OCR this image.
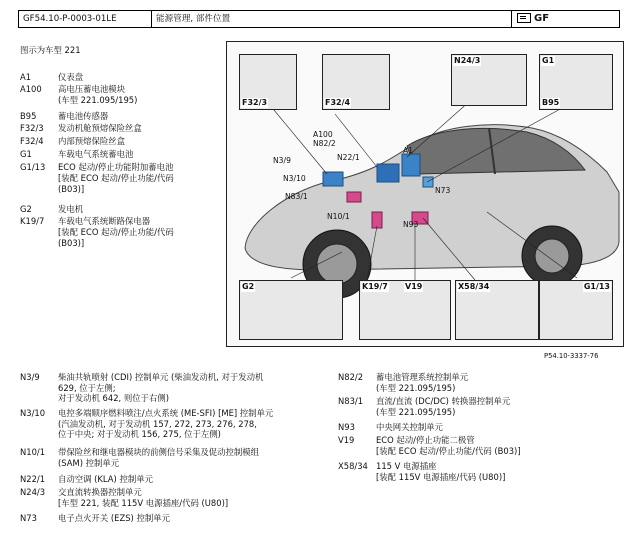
GF54.10-P-0003-01LE	能源管理, 部件位置	GF
图示为车型 221
A1	仪表盘
A100	高电压蓄电池模块
(车型 221.095/195)
B95	蓄电池传感器
F32/3	发动机舱预熔保险丝盒
F32/4	内部预熔保险丝盒
G1	车载电气系统蓄电池
G1/13	ECO 起动/停止功能附加蓄电池
[装配 ECO 起动/停止功能/代码
(B03)]
G2	发电机
K19/7	车载电气系统断路保电器
[装配 ECO 起动/停止功能/代码
(B03)]
F32/3	F32/4
N24/3	G1
B95
G2	K19/7 V19	X58/34	G1/13
A100
N82/2
N3/9	N22/1
A1
N3/10
N73
N83/1
N10/1
N93
P54.10-3337-76
N3/9	柴油共轨喷射 (CDI) 控制单元 (柴油发动机, 对于发动机
629, 位于左侧;
对于发动机 642, 则位于右侧)
N3/10	电控多端顺序燃料喷注/点火系统 (ME-SFI) [ME] 控制单元
(汽油发动机, 对于发动机 157, 272, 273, 276, 278,
位于中央; 对于发动机 156, 275, 位于左侧)
N10/1	带保险丝和继电器模块的前侧信号采集及促动控制模组
(SAM) 控制单元
N22/1	自动空调 (KLA) 控制单元
N24/3	交直流转换器控制单元
[车型 221, 装配 115V 电源插座/代码 (U80)]
N73	电子点火开关 (EZS) 控制单元
N82/2	蓄电池管理系统控制单元
(车型 221.095/195)
N83/1	直流/直流 (DC/DC) 转换器控制单元
(车型 221.095/195)
N93	中央网关控制单元
V19	ECO 起动/停止功能二极管
[装配 ECO 起动/停止功能/代码 (B03)]
X58/34 115 V 电源插座
[装配 115V 电源插座/代码 (U80)]
